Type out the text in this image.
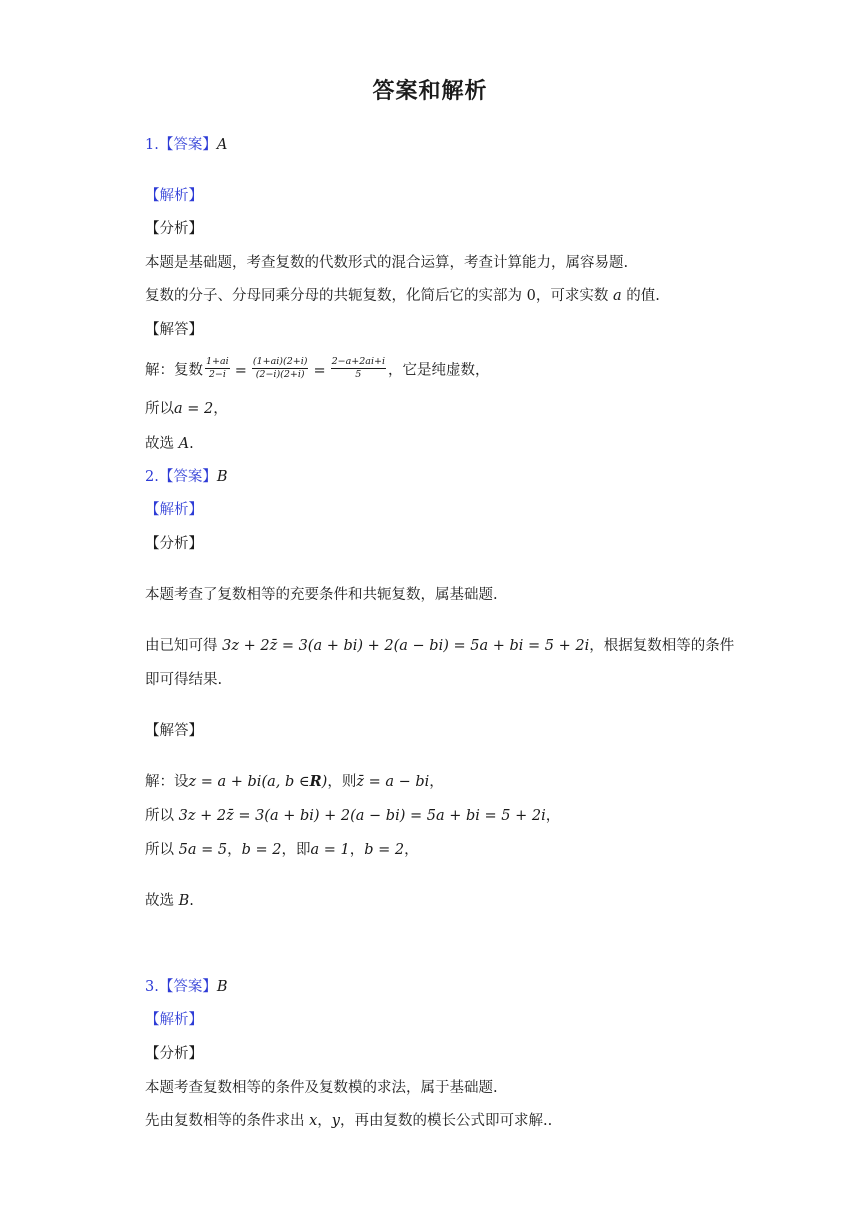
答案和解析
1.【答案】A
【解析】
【分析】
本题是基础题，考查复数的代数形式的混合运算，考查计算能力，属容易题.
复数的分子、分母同乘分母的共轭复数，化简后它的实部为 0，可求实数 a 的值.
【解答】
解：复数 $\frac{1+ai}{2-i} = \frac{(1+ai)(2+i)}{(2-i)(2+i)} = \frac{2-a+2ai+i}{5}$ ，它是纯虚数，
所以a = 2，
故选 A.
2.【答案】B
【解析】
【分析】
本题考查了复数相等的充要条件和共轭复数，属基础题.
由已知可得 3z + 2z̄ = 3(a + bi) + 2(a − bi) = 5a + bi = 5 + 2i，根据复数相等的条件
即可得结果.
【解答】
解：设z = a + bi(a, b ∈R)，则z̄ = a − bi，
所以 3z + 2z̄ = 3(a + bi) + 2(a − bi) = 5a + bi = 5 + 2i，
所以 5a = 5，b = 2，即a = 1，b = 2，
故选 B.
3.【答案】B
【解析】
【分析】
本题考查复数相等的条件及复数模的求法，属于基础题.
先由复数相等的条件求出 x，y，再由复数的模长公式即可求解..
